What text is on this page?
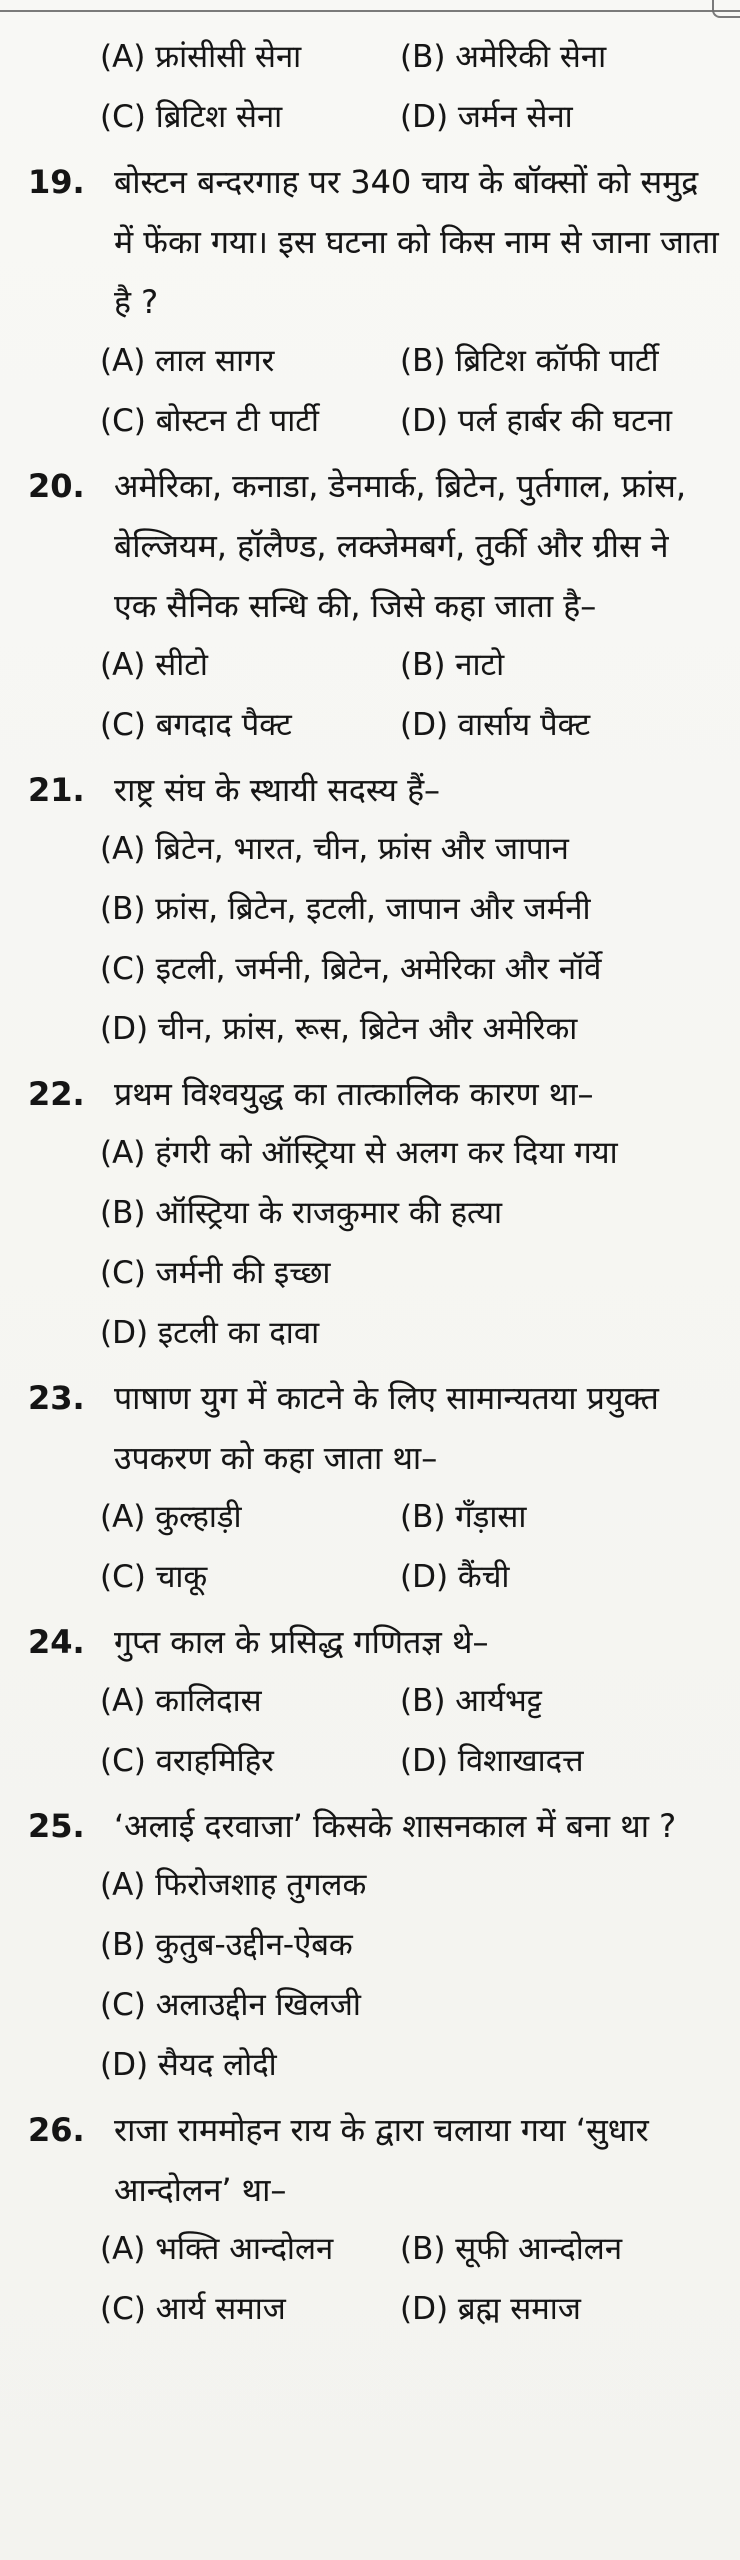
(A) फ्रांसीसी सेना	(B) अमेरिकी सेना
(C) ब्रिटिश सेना	(D) जर्मन सेना
19. बोस्टन बन्दरगाह पर 340 चाय के बॉक्सों को समुद्र में फेंका गया। इस घटना को किस नाम से जाना जाता है ?
(A) लाल सागर	(B) ब्रिटिश कॉफी पार्टी
(C) बोस्टन टी पार्टी	(D) पर्ल हार्बर की घटना
20. अमेरिका, कनाडा, डेनमार्क, ब्रिटेन, पुर्तगाल, फ्रांस, बेल्जियम, हॉलैण्ड, लक्जेमबर्ग, तुर्की और ग्रीस ने एक सैनिक सन्धि की, जिसे कहा जाता है–
(A) सीटो	(B) नाटो
(C) बगदाद पैक्ट	(D) वार्साय पैक्ट
21. राष्ट्र संघ के स्थायी सदस्य हैं–
(A) ब्रिटेन, भारत, चीन, फ्रांस और जापान
(B) फ्रांस, ब्रिटेन, इटली, जापान और जर्मनी
(C) इटली, जर्मनी, ब्रिटेन, अमेरिका और नॉर्वे
(D) चीन, फ्रांस, रूस, ब्रिटेन और अमेरिका
22. प्रथम विश्वयुद्ध का तात्कालिक कारण था–
(A) हंगरी को ऑस्ट्रिया से अलग कर दिया गया
(B) ऑस्ट्रिया के राजकुमार की हत्या
(C) जर्मनी की इच्छा
(D) इटली का दावा
23. पाषाण युग में काटने के लिए सामान्यतया प्रयुक्त उपकरण को कहा जाता था–
(A) कुल्हाड़ी	(B) गँड़ासा
(C) चाकू	(D) कैंची
24. गुप्त काल के प्रसिद्ध गणितज्ञ थे–
(A) कालिदास	(B) आर्यभट्ट
(C) वराहमिहिर	(D) विशाखादत्त
25. ‘अलाई दरवाजा’ किसके शासनकाल में बना था ?
(A) फिरोजशाह तुगलक
(B) कुतुब-उद्दीन-ऐबक
(C) अलाउद्दीन खिलजी
(D) सैयद लोदी
26. राजा राममोहन राय के द्वारा चलाया गया ‘सुधार आन्दोलन’ था–
(A) भक्ति आन्दोलन	(B) सूफी आन्दोलन
(C) आर्य समाज	(D) ब्रह्म समाज
